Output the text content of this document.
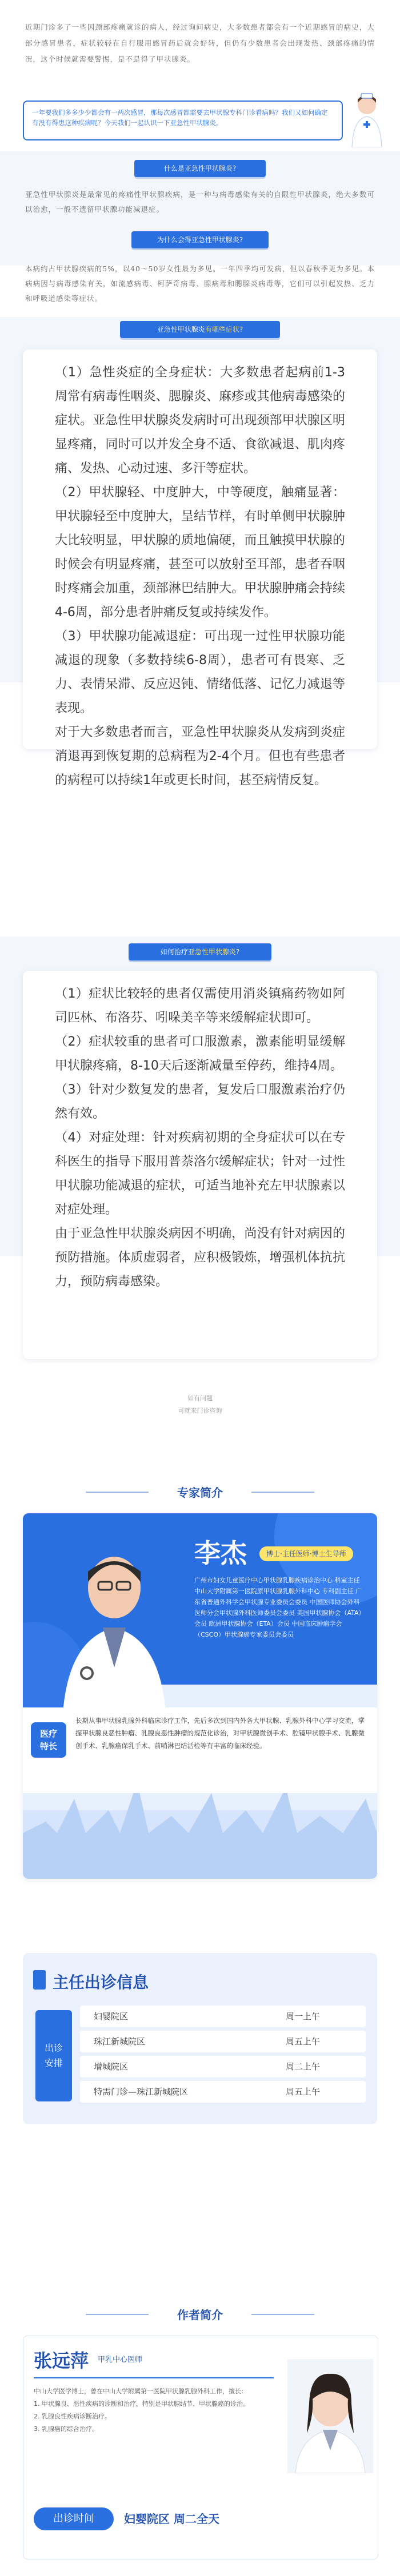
近期门诊多了一些因颈部疼痛就诊的病人，经过询问病史，大多数患者都会有一个近期感冒的病史，大部分感冒患者，症状较轻在自行服用感冒药后就会好转，但仍有少数患者会出现发热、颈部疼痛的情况，这个时候就需要警惕，是不是得了甲状腺炎。
一年要我们多多少少都会有一两次感冒，那每次感冒都需要去甲状腺专科门诊看病吗？我们又如何确定有没有得患这种疾病呢？今天我们一起认识一下亚急性甲状腺炎。
什么是亚急性甲状腺炎?
亚急性甲状腺炎是最常见的疼痛性甲状腺疾病，是一种与病毒感染有关的自限性甲状腺炎，绝大多数可以治愈，一般不遗留甲状腺功能减退症。
为什么会得亚急性甲状腺炎?
本病约占甲状腺疾病的5%，以40～50岁女性最为多见。一年四季均可发病，但以春秋季更为多见。本病病因与病毒感染有关，如流感病毒、柯萨奇病毒、腺病毒和腮腺炎病毒等，它们可以引起发热、乏力和呼吸道感染等症状。
亚急性甲状腺炎有哪些症状?

（1）急性炎症的全身症状：大多数患者起病前1-3周常有病毒性咽炎、腮腺炎、麻疹或其他病毒感染的症状。亚急性甲状腺炎发病时可出现颈部甲状腺区明显疼痛，同时可以并发全身不适、食欲减退、肌肉疼痛、发热、心动过速、多汗等症状。

（2）甲状腺轻、中度肿大，中等硬度，触痛显著：甲状腺轻至中度肿大，呈结节样，有时单侧甲状腺肿大比较明显，甲状腺的质地偏硬，而且触摸甲状腺的时候会有明显疼痛，甚至可以放射至耳部，患者吞咽时疼痛会加重，颈部淋巴结肿大。甲状腺肿痛会持续4-6周，部分患者肿痛反复或持续发作。

（3）甲状腺功能减退症：可出现一过性甲状腺功能减退的现象（多数持续6-8周），患者可有畏寒、乏力、表情呆滞、反应迟钝、情绪低落、记忆力减退等表现。

对于大多数患者而言，亚急性甲状腺炎从发病到炎症消退再到恢复期的总病程为2-4个月。但也有些患者的病程可以持续1年或更长时间，甚至病情反复。

如何治疗亚急性甲状腺炎?

（1）症状比较轻的患者仅需使用消炎镇痛药物如阿司匹林、布洛芬、吲哚美辛等来缓解症状即可。

（2）症状较重的患者可口服激素，激素能明显缓解甲状腺疼痛，8-10天后逐渐减量至停药，维持4周。

（3）针对少数复发的患者，复发后口服激素治疗仍然有效。

（4）对症处理：针对疾病初期的全身症状可以在专科医生的指导下服用普萘洛尔缓解症状；针对一过性甲状腺功能减退的症状，可适当地补充左甲状腺素以对症处理。

由于亚急性甲状腺炎病因不明确，尚没有针对病因的预防措施。体质虚弱者，应积极锻炼，增强机体抗抗力，预防病毒感染。

如有问题
可就来门诊咨询
专家简介
李杰	博士·主任医师·博士生导师
广州市妇女儿童医疗中心甲状腺乳腺疾病诊治中心 科室主任 中山大学附属第一医院原甲状腺乳腺外科中心 专科副主任 广东省普通外科学会甲状腺专业委员会委员 中国医师协会外科医师分会甲状腺外科医师委员会委员 美国甲状腺协会（ATA）会员 欧洲甲状腺协会（ETA）会员 中国临床肿瘤学会（CSCO）甲状腺癌专家委员会委员
医疗
特长
长期从事甲状腺乳腺外科临床诊疗工作，先后多次到国内外各大甲状腺、乳腺外科中心学习交流，掌握甲状腺良恶性肿瘤、乳腺良恶性肿瘤的规范化诊治，对甲状腺微创手术、腔镜甲状腺手术、乳腺微创手术、乳腺癌保乳手术、前哨淋巴结活检等有丰富的临床经验。
主任出诊信息
出诊
安排
妇婴院区	周一上午
珠江新城院区	周五上午
增城院区	周二上午
特需门诊—珠江新城院区	周五上午
作者简介
张远萍 甲乳中心医师
中山大学医学博士，曾在中山大学附属第一医院甲状腺乳腺外科工作，擅长：
1. 甲状腺良、恶性疾病的诊断和治疗，特别是甲状腺结节、甲状腺癌的诊治。
2. 乳腺良性疾病诊断治疗。
3. 乳腺癌的综合治疗。
出诊时间	妇婴院区 周二全天
